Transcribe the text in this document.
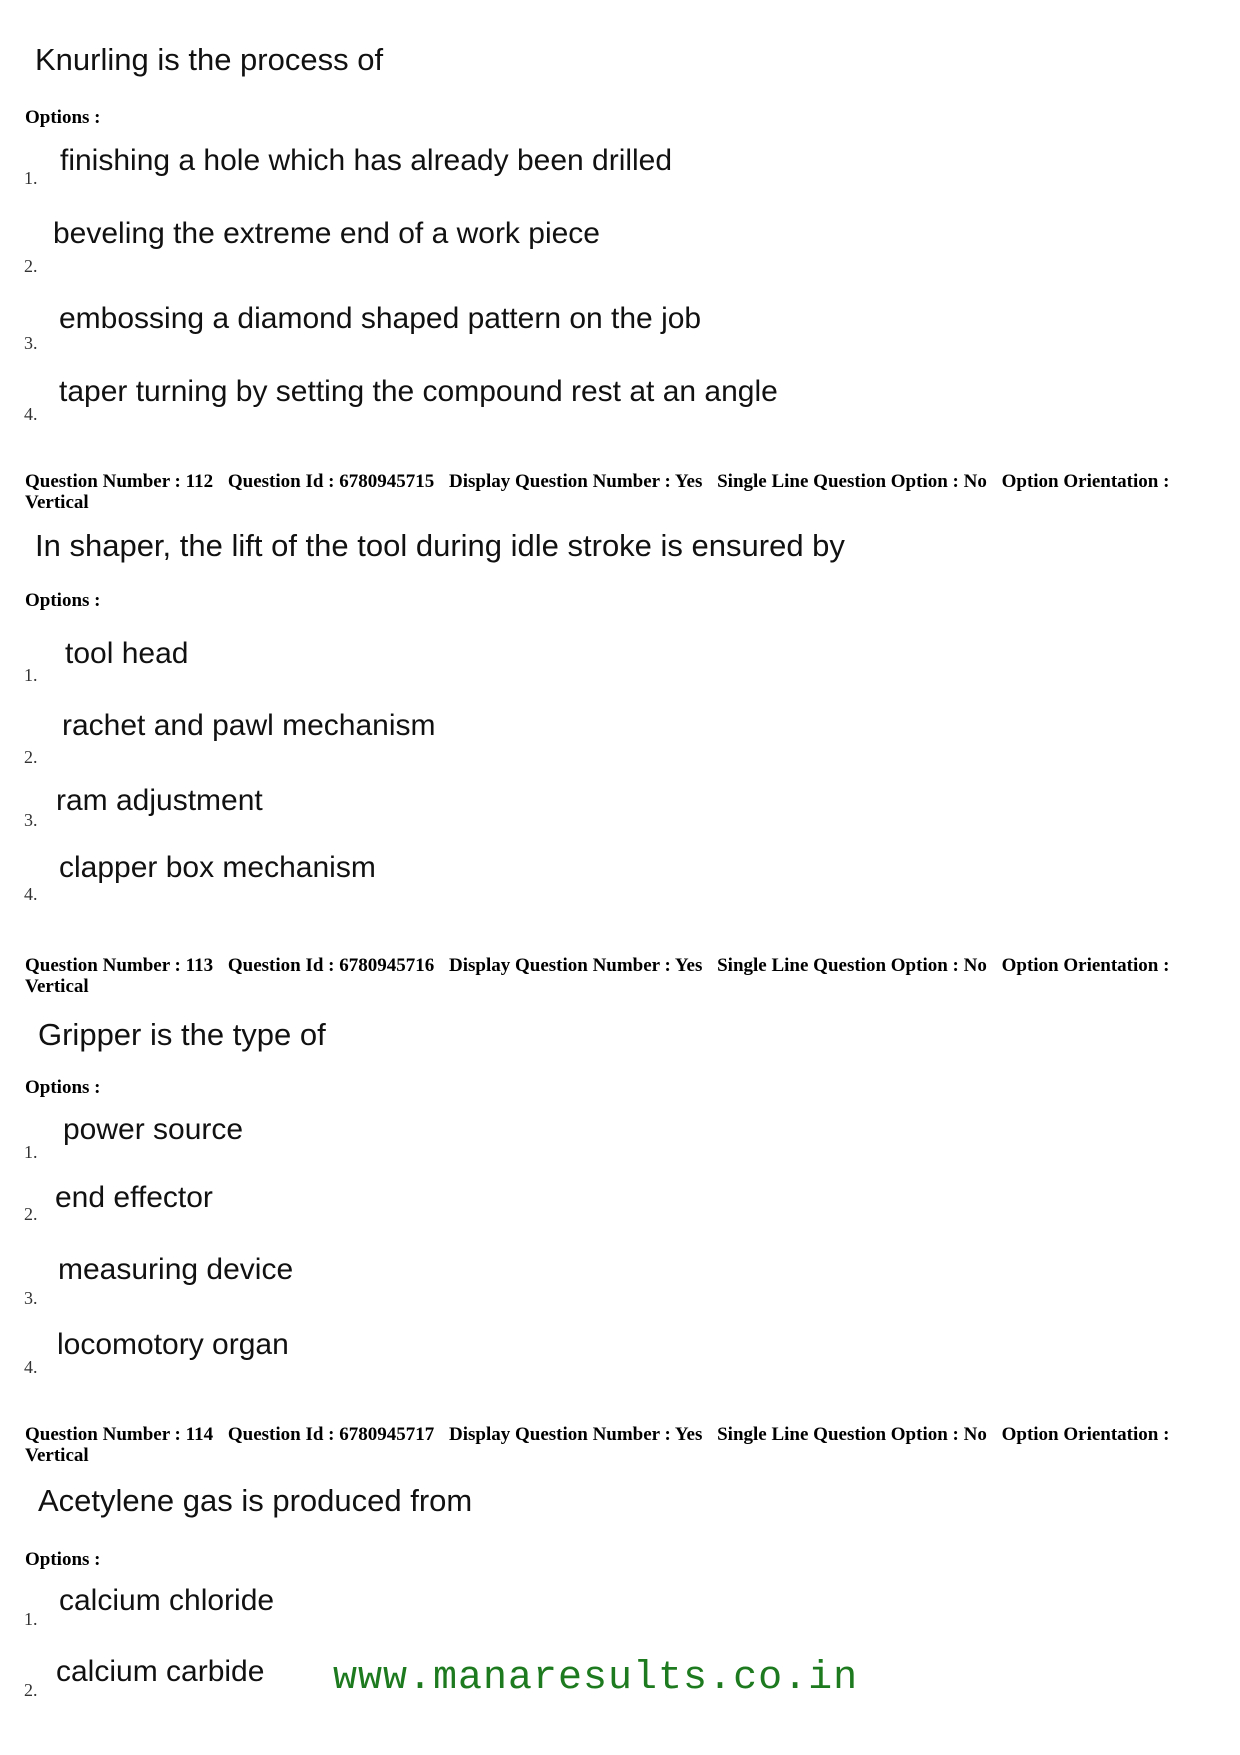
Knurling is the process of
Options :
1.
finishing a hole which has already been drilled
2.
beveling the extreme end of a work piece
3.
embossing a diamond shaped pattern on the job
4.
taper turning by setting the compound rest at an angle
Question Number : 112 Question Id : 6780945715 Display Question Number : Yes Single Line Question Option : No Option Orientation : Vertical
In shaper, the lift of the tool during idle stroke is ensured by
Options :
1.
tool head
2.
rachet and pawl mechanism
3.
ram adjustment
4.
clapper box mechanism
Question Number : 113 Question Id : 6780945716 Display Question Number : Yes Single Line Question Option : No Option Orientation : Vertical
Gripper is the type of
Options :
1.
power source
2. end effector
3.
measuring device
4.
locomotory organ
Question Number : 114 Question Id : 6780945717 Display Question Number : Yes Single Line Question Option : No Option Orientation : Vertical
Acetylene gas is produced from
Options :
1.
calcium chloride
2.
calcium carbide www.manaresults.co.in
